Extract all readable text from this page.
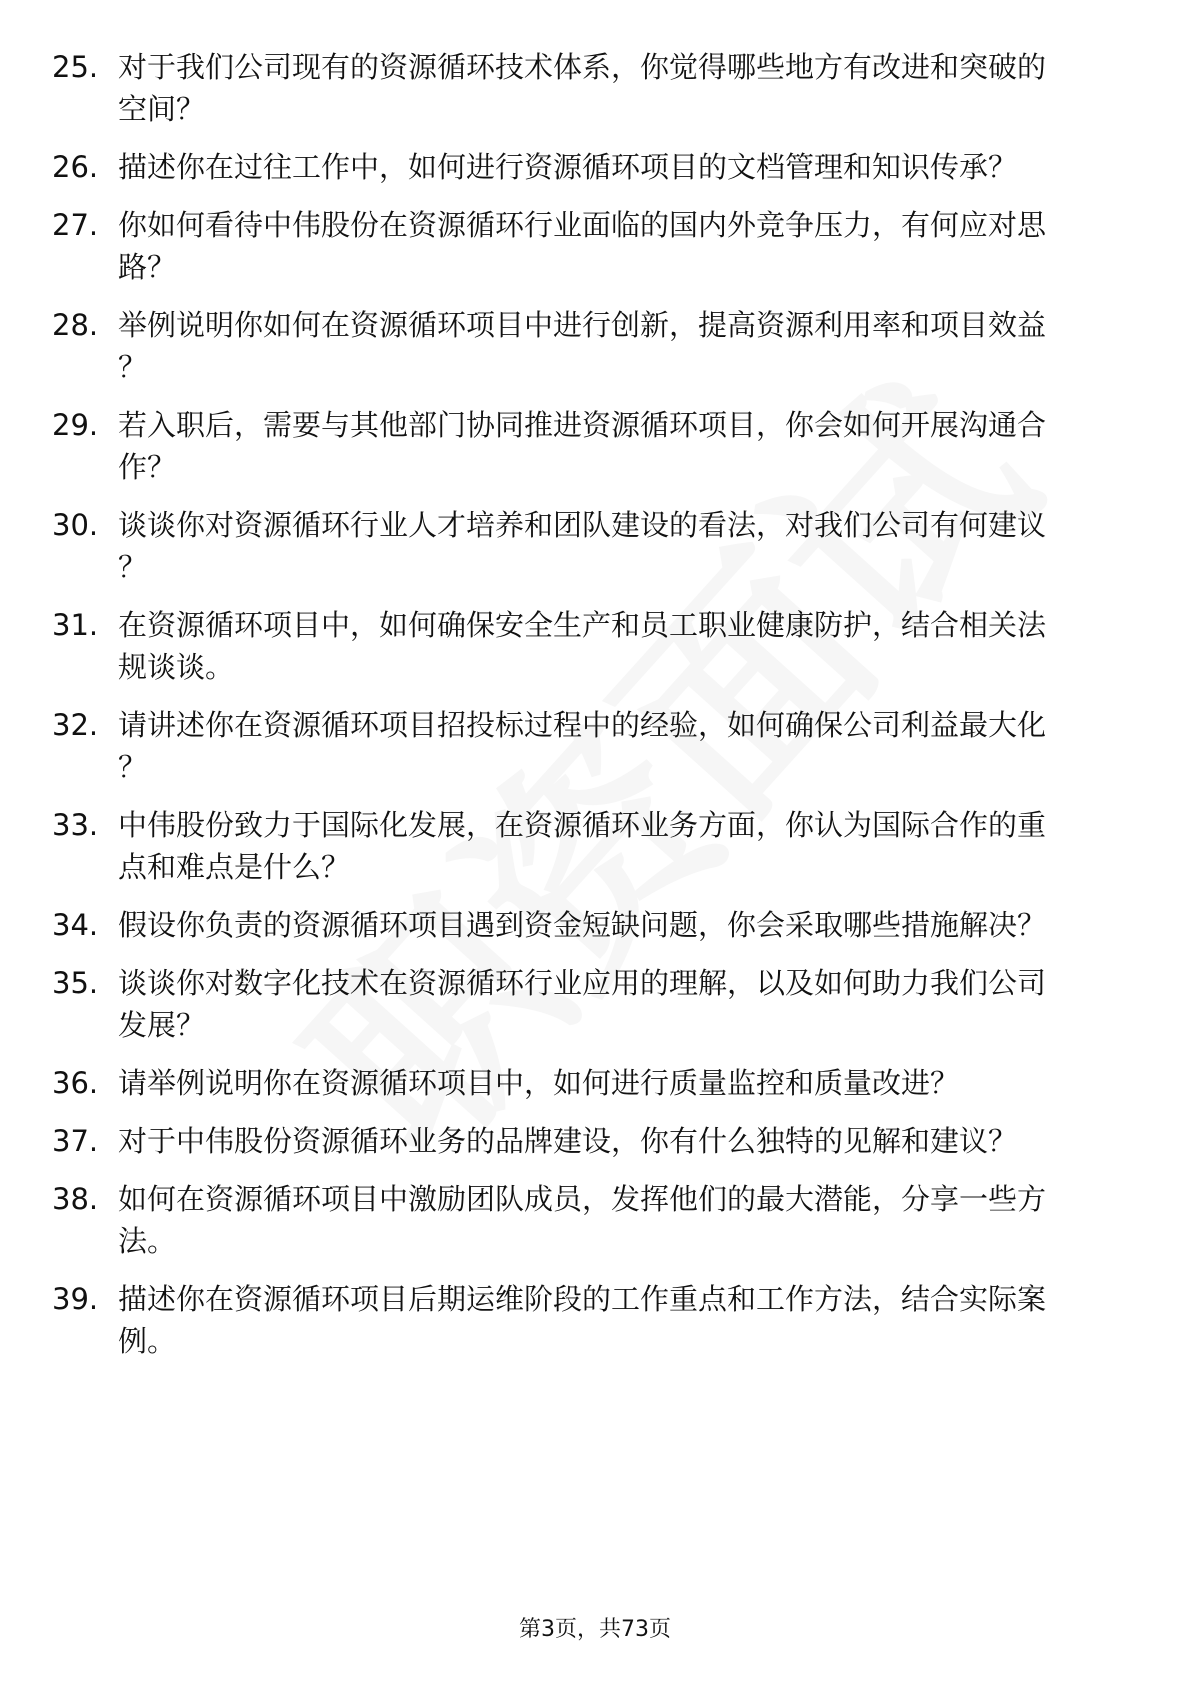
25. 对于我们公司现有的资源循环技术体系，你觉得哪些地方有改进和突破的空间？
26. 描述你在过往工作中，如何进行资源循环项目的文档管理和知识传承？
27. 你如何看待中伟股份在资源循环行业面临的国内外竞争压力，有何应对思路？
28. 举例说明你如何在资源循环项目中进行创新，提高资源利用率和项目效益？
29. 若入职后，需要与其他部门协同推进资源循环项目，你会如何开展沟通合作？
30. 谈谈你对资源循环行业人才培养和团队建设的看法，对我们公司有何建议？
31. 在资源循环项目中，如何确保安全生产和员工职业健康防护，结合相关法规谈谈。
32. 请讲述你在资源循环项目招投标过程中的经验，如何确保公司利益最大化？
33. 中伟股份致力于国际化发展，在资源循环业务方面，你认为国际合作的重点和难点是什么？
34. 假设你负责的资源循环项目遇到资金短缺问题，你会采取哪些措施解决？
35. 谈谈你对数字化技术在资源循环行业应用的理解，以及如何助力我们公司发展？
36. 请举例说明你在资源循环项目中，如何进行质量监控和质量改进？
37. 对于中伟股份资源循环业务的品牌建设，你有什么独特的见解和建议？
38. 如何在资源循环项目中激励团队成员，发挥他们的最大潜能，分享一些方法。
39. 描述你在资源循环项目后期运维阶段的工作重点和工作方法，结合实际案例。
第3页，共73页
